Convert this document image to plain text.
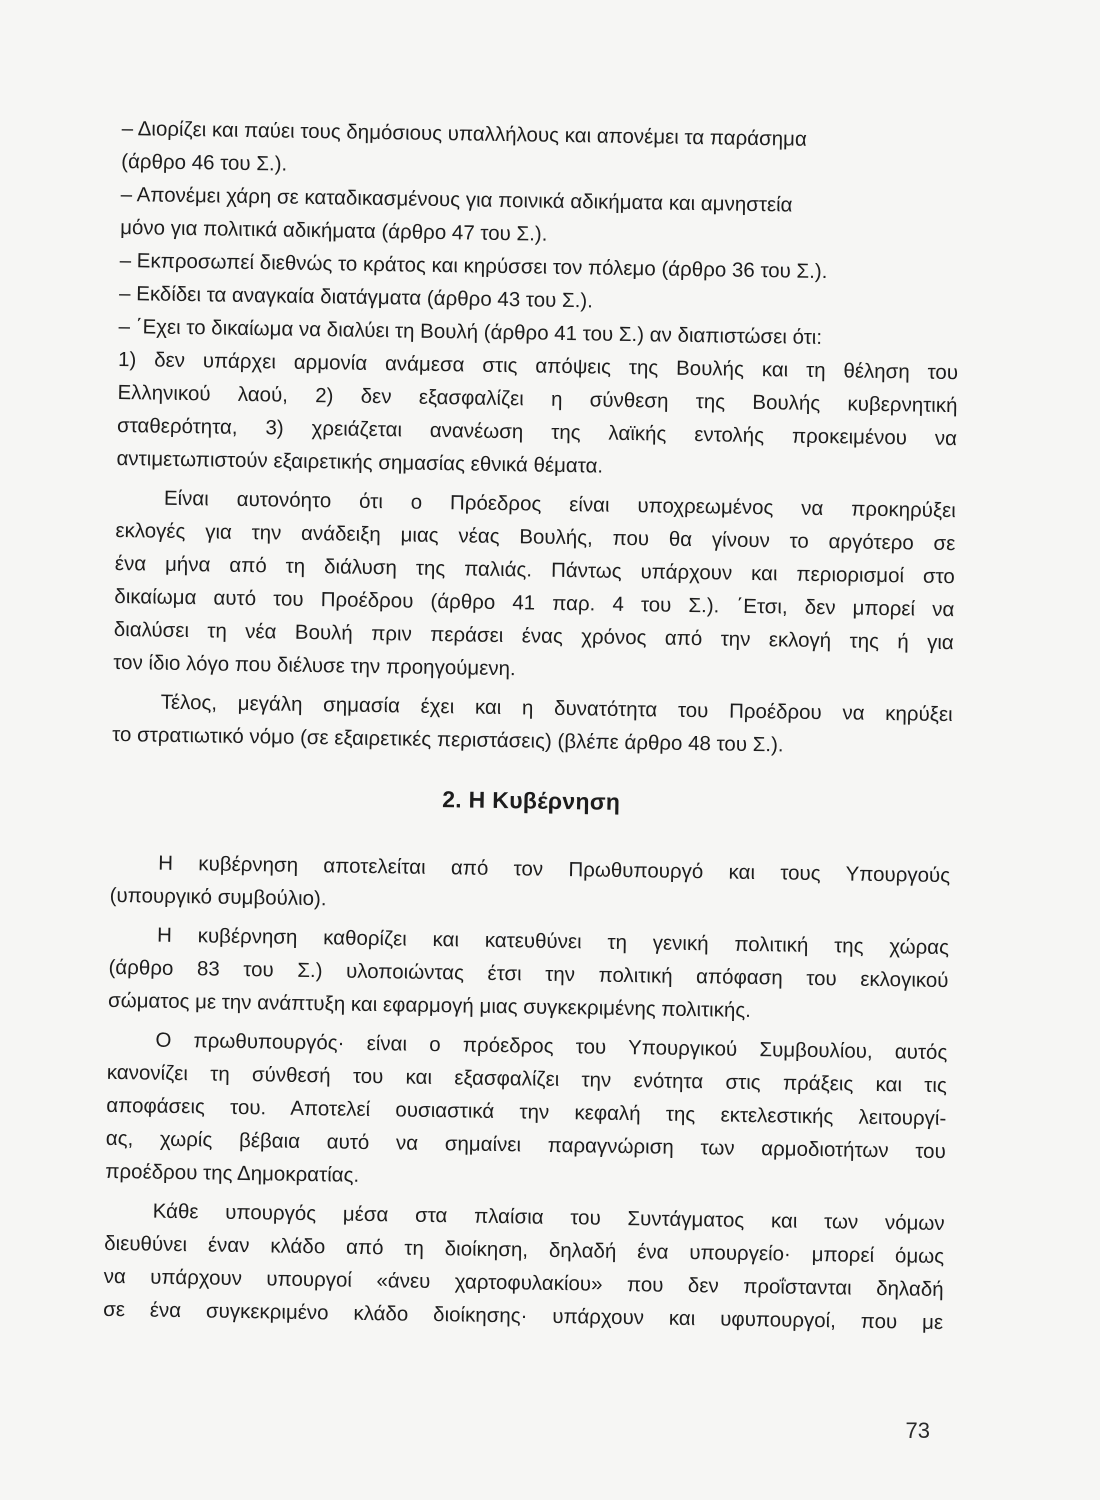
– Διορίζει και παύει τους δημόσιους υπαλλήλους και απονέμει τα παράσημα

(άρθρο 46 του Σ.).

– Απονέμει χάρη σε καταδικασμένους για ποινικά αδικήματα και αμνηστεία

μόνο για πολιτικά αδικήματα (άρθρο 47 του Σ.).

– Εκπροσωπεί διεθνώς το κράτος και κηρύσσει τον πόλεμο (άρθρο 36 του Σ.).

– Εκδίδει τα αναγκαία διατάγματα (άρθρο 43 του Σ.).

– ΄Εχει το δικαίωμα να διαλύει τη Βουλή (άρθρο 41 του Σ.) αν διαπιστώσει ότι:

1) δεν υπάρχει αρμονία ανάμεσα στις απόψεις της Βουλής και τη θέληση του

Ελληνικού λαού, 2) δεν εξασφαλίζει η σύνθεση της Βουλής κυβερνητική

σταθερότητα, 3) χρειάζεται ανανέωση της λαϊκής εντολής προκειμένου να

αντιμετωπιστούν εξαιρετικής σημασίας εθνικά θέματα.

Είναι αυτονόητο ότι ο Πρόεδρος είναι υποχρεωμένος να προκηρύξει

εκλογές για την ανάδειξη μιας νέας Βουλής, που θα γίνουν το αργότερο σε

ένα μήνα από τη διάλυση της παλιάς. Πάντως υπάρχουν και περιορισμοί στο

δικαίωμα αυτό του Προέδρου (άρθρο 41 παρ. 4 του Σ.). ΄Ετσι, δεν μπορεί να

διαλύσει τη νέα Βουλή πριν περάσει ένας χρόνος από την εκλογή της ή για

τον ίδιο λόγο που διέλυσε την προηγούμενη.

Τέλος, μεγάλη σημασία έχει και η δυνατότητα του Προέδρου να κηρύξει

το στρατιωτικό νόμο (σε εξαιρετικές περιστάσεις) (βλέπε άρθρο 48 του Σ.).

2. Η Κυβέρνηση

Η κυβέρνηση αποτελείται από τον Πρωθυπουργό και τους Υπουργούς

(υπουργικό συμβούλιο).

Η κυβέρνηση καθορίζει και κατευθύνει τη γενική πολιτική της χώρας

(άρθρο 83 του Σ.) υλοποιώντας έτσι την πολιτική απόφαση του εκλογικού

σώματος με την ανάπτυξη και εφαρμογή μιας συγκεκριμένης πολιτικής.

Ο πρωθυπουργός· είναι ο πρόεδρος του Υπουργικού Συμβουλίου, αυτός

κανονίζει τη σύνθεσή του και εξασφαλίζει την ενότητα στις πράξεις και τις

αποφάσεις του. Αποτελεί ουσιαστικά την κεφαλή της εκτελεστικής λειτουργί-

ας, χωρίς βέβαια αυτό να σημαίνει παραγνώριση των αρμοδιοτήτων του

προέδρου της Δημοκρατίας.

Κάθε υπουργός μέσα στα πλαίσια του Συντάγματος και των νόμων

διευθύνει έναν κλάδο από τη διοίκηση, δηλαδή ένα υπουργείο· μπορεί όμως

να υπάρχουν υπουργοί «άνευ χαρτοφυλακίου» που δεν προΐστανται δηλαδή

σε ένα συγκεκριμένο κλάδο διοίκησης· υπάρχουν και υφυπουργοί, που με

73
